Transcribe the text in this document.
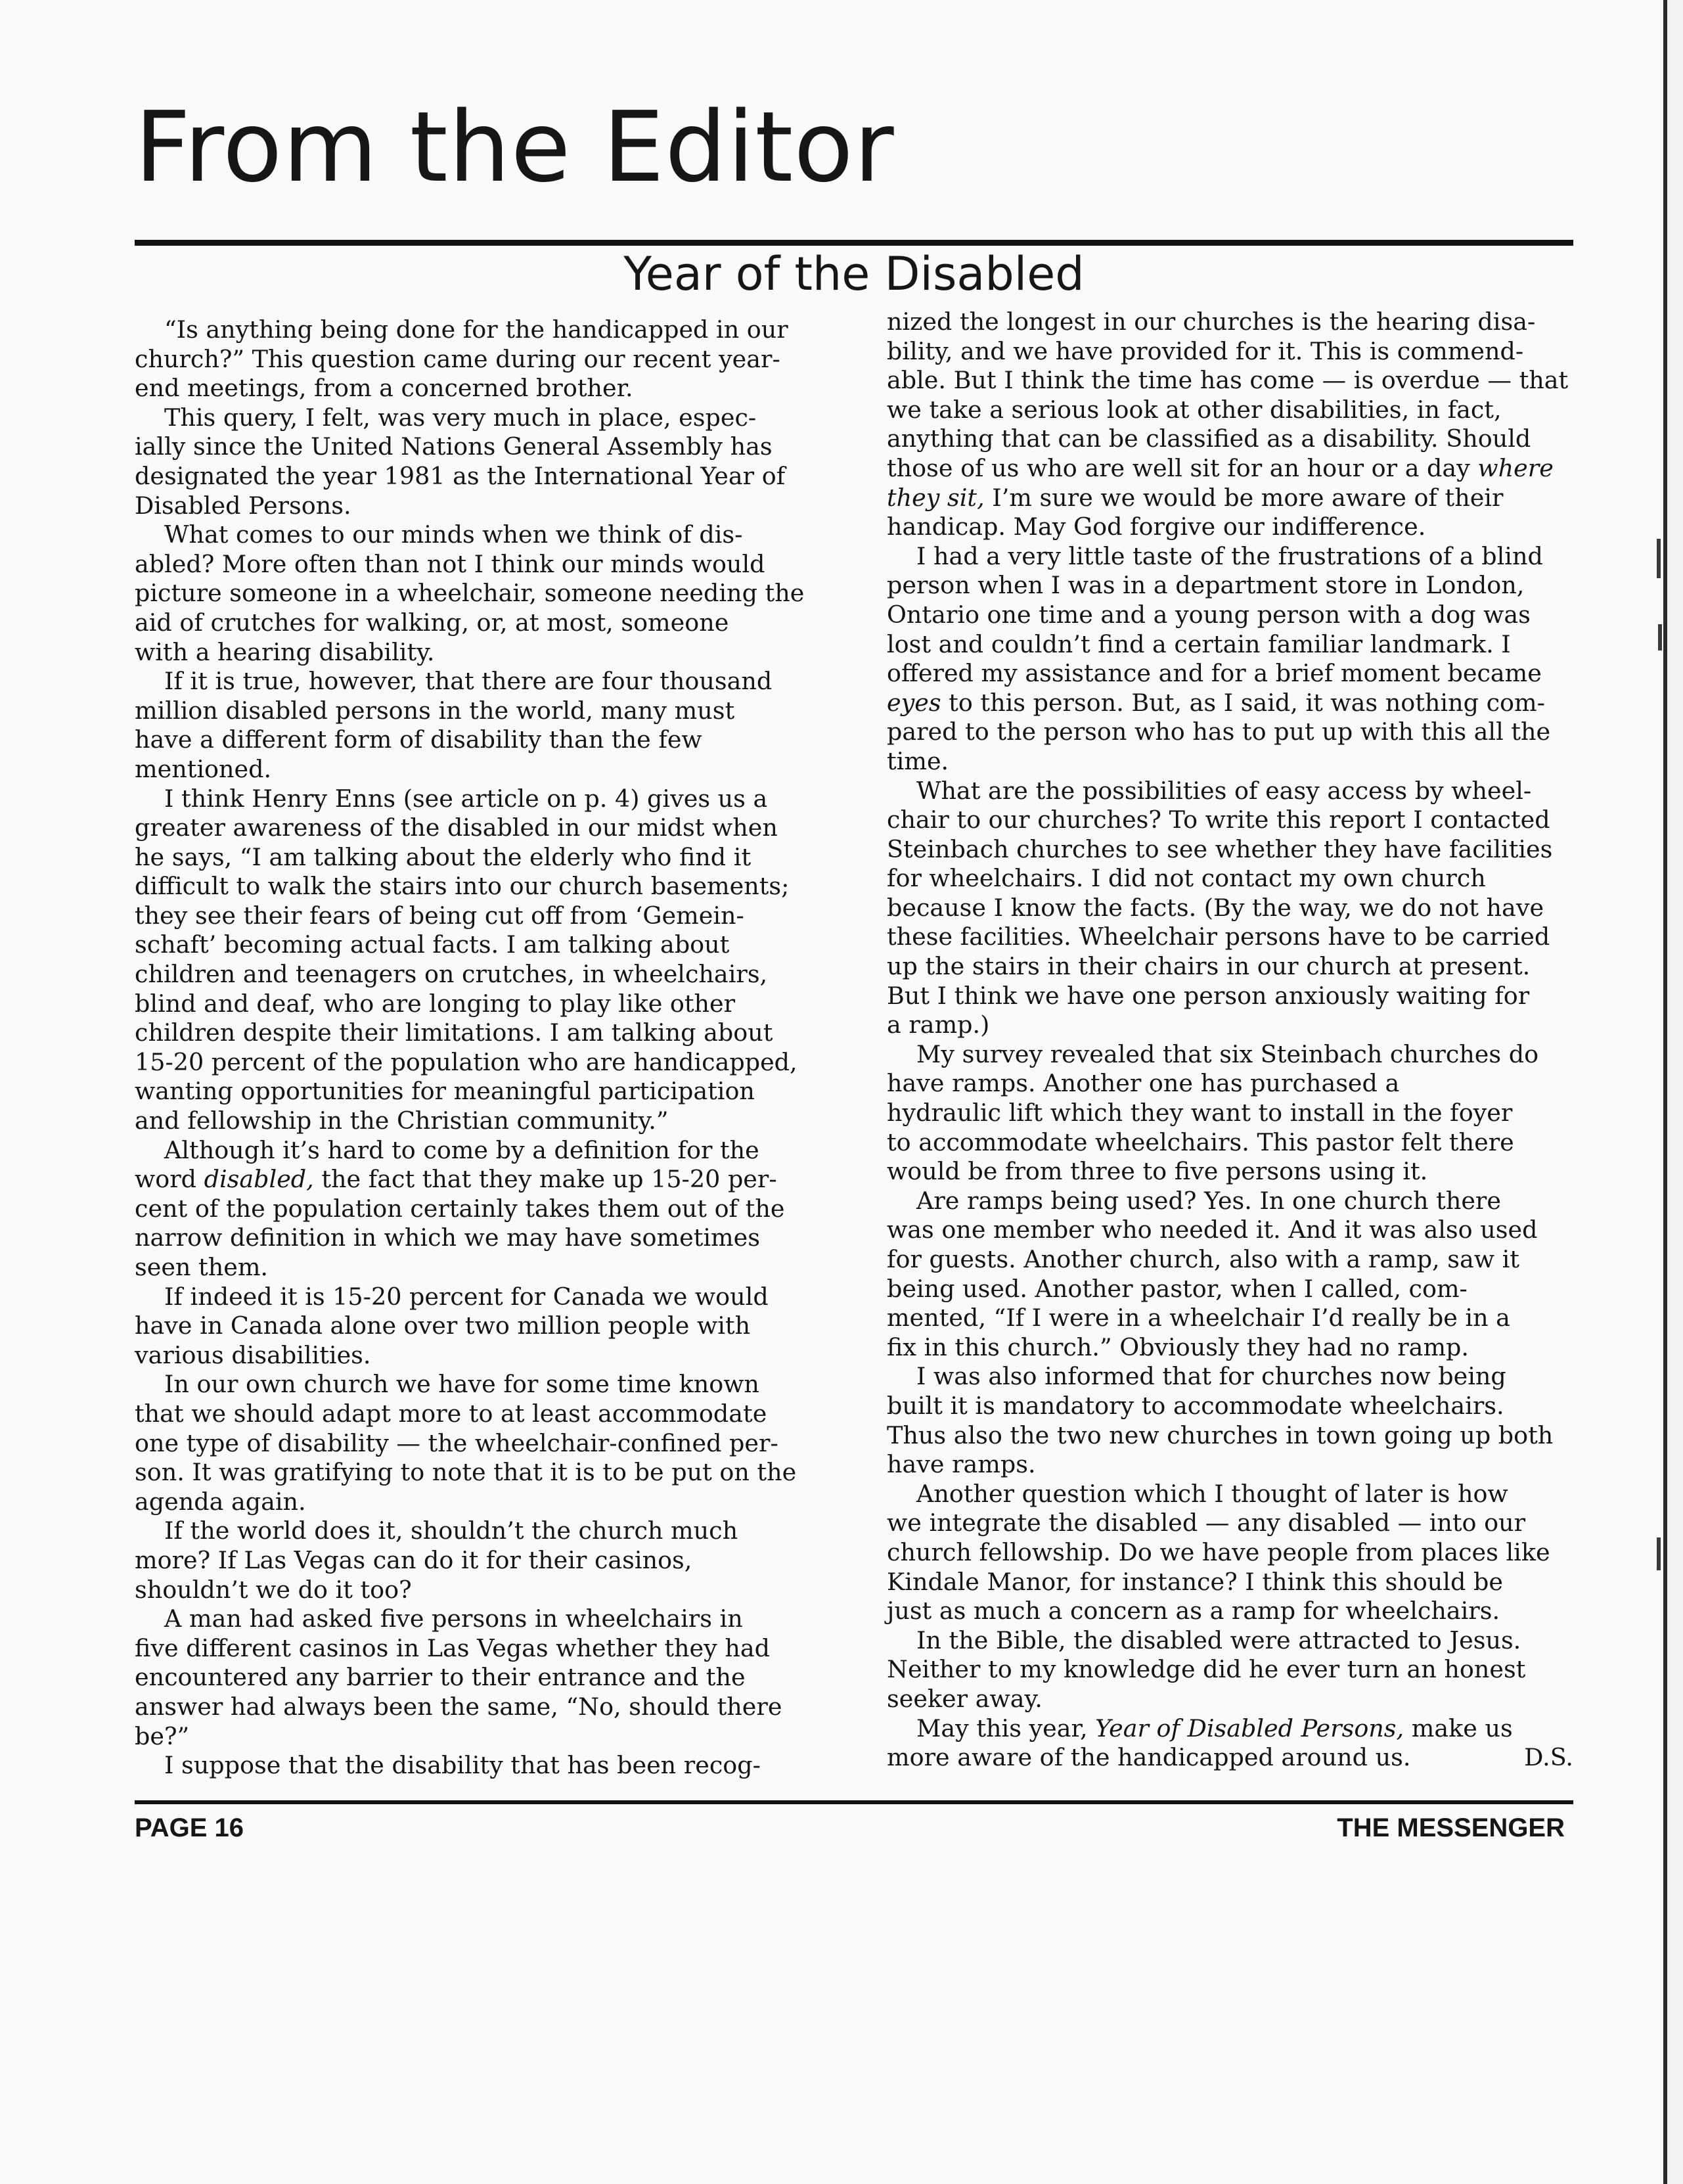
From the Editor
Year of the Disabled
“Is anything being done for the handicapped in our
church?” This question came during our recent year-
end meetings, from a concerned brother.
This query, I felt, was very much in place, espec-
ially since the United Nations General Assembly has
designated the year 1981 as the International Year of
Disabled Persons.
What comes to our minds when we think of dis-
abled? More often than not I think our minds would
picture someone in a wheelchair, someone needing the
aid of crutches for walking, or, at most, someone
with a hearing disability.
If it is true, however, that there are four thousand
million disabled persons in the world, many must
have a different form of disability than the few
mentioned.
I think Henry Enns (see article on p. 4) gives us a
greater awareness of the disabled in our midst when
he says, “I am talking about the elderly who find it
difficult to walk the stairs into our church basements;
they see their fears of being cut off from ‘Gemein-
schaft’ becoming actual facts. I am talking about
children and teenagers on crutches, in wheelchairs,
blind and deaf, who are longing to play like other
children despite their limitations. I am talking about
15-20 percent of the population who are handicapped,
wanting opportunities for meaningful participation
and fellowship in the Christian community.”
Although it’s hard to come by a definition for the
word disabled, the fact that they make up 15-20 per-
cent of the population certainly takes them out of the
narrow definition in which we may have sometimes
seen them.
If indeed it is 15-20 percent for Canada we would
have in Canada alone over two million people with
various disabilities.
In our own church we have for some time known
that we should adapt more to at least accommodate
one type of disability — the wheelchair-confined per-
son. It was gratifying to note that it is to be put on the
agenda again.
If the world does it, shouldn’t the church much
more? If Las Vegas can do it for their casinos,
shouldn’t we do it too?
A man had asked five persons in wheelchairs in
five different casinos in Las Vegas whether they had
encountered any barrier to their entrance and the
answer had always been the same, “No, should there
be?”
I suppose that the disability that has been recog-
nized the longest in our churches is the hearing disa-
bility, and we have provided for it. This is commend-
able. But I think the time has come — is overdue — that
we take a serious look at other disabilities, in fact,
anything that can be classified as a disability. Should
those of us who are well sit for an hour or a day where
they sit, I’m sure we would be more aware of their
handicap. May God forgive our indifference.
I had a very little taste of the frustrations of a blind
person when I was in a department store in London,
Ontario one time and a young person with a dog was
lost and couldn’t find a certain familiar landmark. I
offered my assistance and for a brief moment became
eyes to this person. But, as I said, it was nothing com-
pared to the person who has to put up with this all the
time.
What are the possibilities of easy access by wheel-
chair to our churches? To write this report I contacted
Steinbach churches to see whether they have facilities
for wheelchairs. I did not contact my own church
because I know the facts. (By the way, we do not have
these facilities. Wheelchair persons have to be carried
up the stairs in their chairs in our church at present.
But I think we have one person anxiously waiting for
a ramp.)
My survey revealed that six Steinbach churches do
have ramps. Another one has purchased a
hydraulic lift which they want to install in the foyer
to accommodate wheelchairs. This pastor felt there
would be from three to five persons using it.
Are ramps being used? Yes. In one church there
was one member who needed it. And it was also used
for guests. Another church, also with a ramp, saw it
being used. Another pastor, when I called, com-
mented, “If I were in a wheelchair I’d really be in a
fix in this church.” Obviously they had no ramp.
I was also informed that for churches now being
built it is mandatory to accommodate wheelchairs.
Thus also the two new churches in town going up both
have ramps.
Another question which I thought of later is how
we integrate the disabled — any disabled — into our
church fellowship. Do we have people from places like
Kindale Manor, for instance? I think this should be
just as much a concern as a ramp for wheelchairs.
In the Bible, the disabled were attracted to Jesus.
Neither to my knowledge did he ever turn an honest
seeker away.
May this year, Year of Disabled Persons, make us
more aware of the handicapped around us.	D.S.
PAGE 16	THE MESSENGER
